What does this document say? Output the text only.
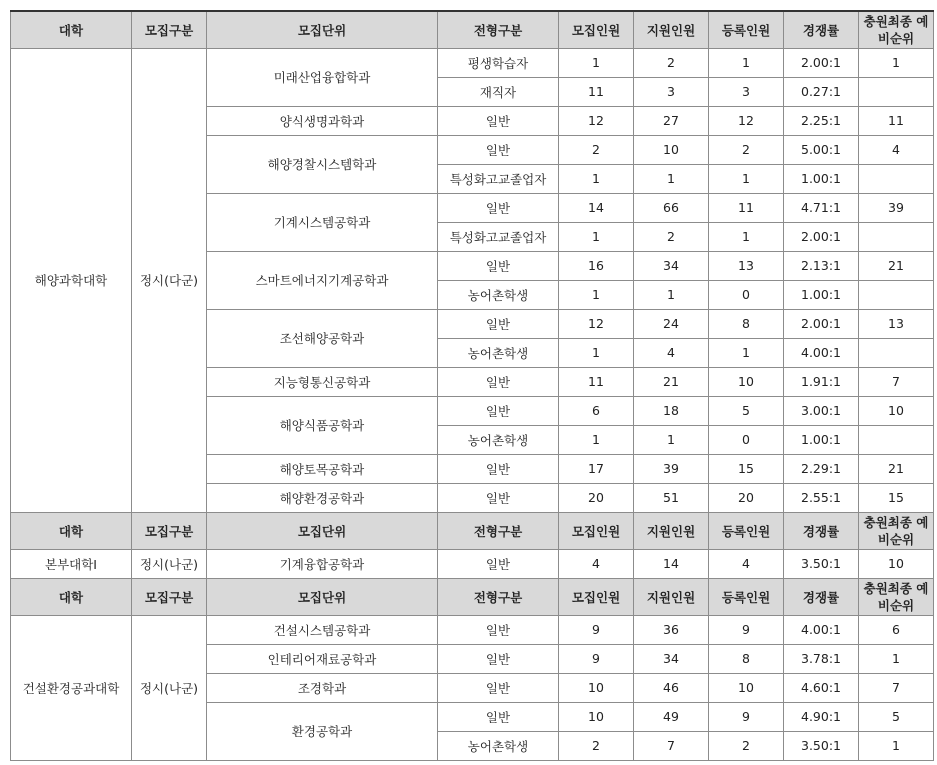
대학	모집구분	모집단위	전형구분	모집인원	지원인원	등록인원	경쟁률	충원최종 예비순위
해양과학대학	정시(다군)	미래산업융합학과	평생학습자	1	2	1	2.00:1	1
			재직자	11	3	3	0.27:1	
		양식생명과학과	일반	12	27	12	2.25:1	11
		해양경찰시스템학과	일반	2	10	2	5.00:1	4
			특성화고교졸업자	1	1	1	1.00:1	
		기계시스템공학과	일반	14	66	11	4.71:1	39
			특성화고교졸업자	1	2	1	2.00:1	
		스마트에너지기계공학과	일반	16	34	13	2.13:1	21
			농어촌학생	1	1	0	1.00:1	
		조선해양공학과	일반	12	24	8	2.00:1	13
			농어촌학생	1	4	1	4.00:1	
		지능형통신공학과	일반	11	21	10	1.91:1	7
		해양식품공학과	일반	6	18	5	3.00:1	10
			농어촌학생	1	1	0	1.00:1	
		해양토목공학과	일반	17	39	15	2.29:1	21
		해양환경공학과	일반	20	51	20	2.55:1	15
대학	모집구분	모집단위	전형구분	모집인원	지원인원	등록인원	경쟁률	충원최종 예비순위
본부대학I	정시(나군)	기계융합공학과	일반	4	14	4	3.50:1	10
대학	모집구분	모집단위	전형구분	모집인원	지원인원	등록인원	경쟁률	충원최종 예비순위
건설환경공과대학	정시(나군)	건설시스템공학과	일반	9	36	9	4.00:1	6
		인테리어재료공학과	일반	9	34	8	3.78:1	1
		조경학과	일반	10	46	10	4.60:1	7
		환경공학과	일반	10	49	9	4.90:1	5
			농어촌학생	2	7	2	3.50:1	1
